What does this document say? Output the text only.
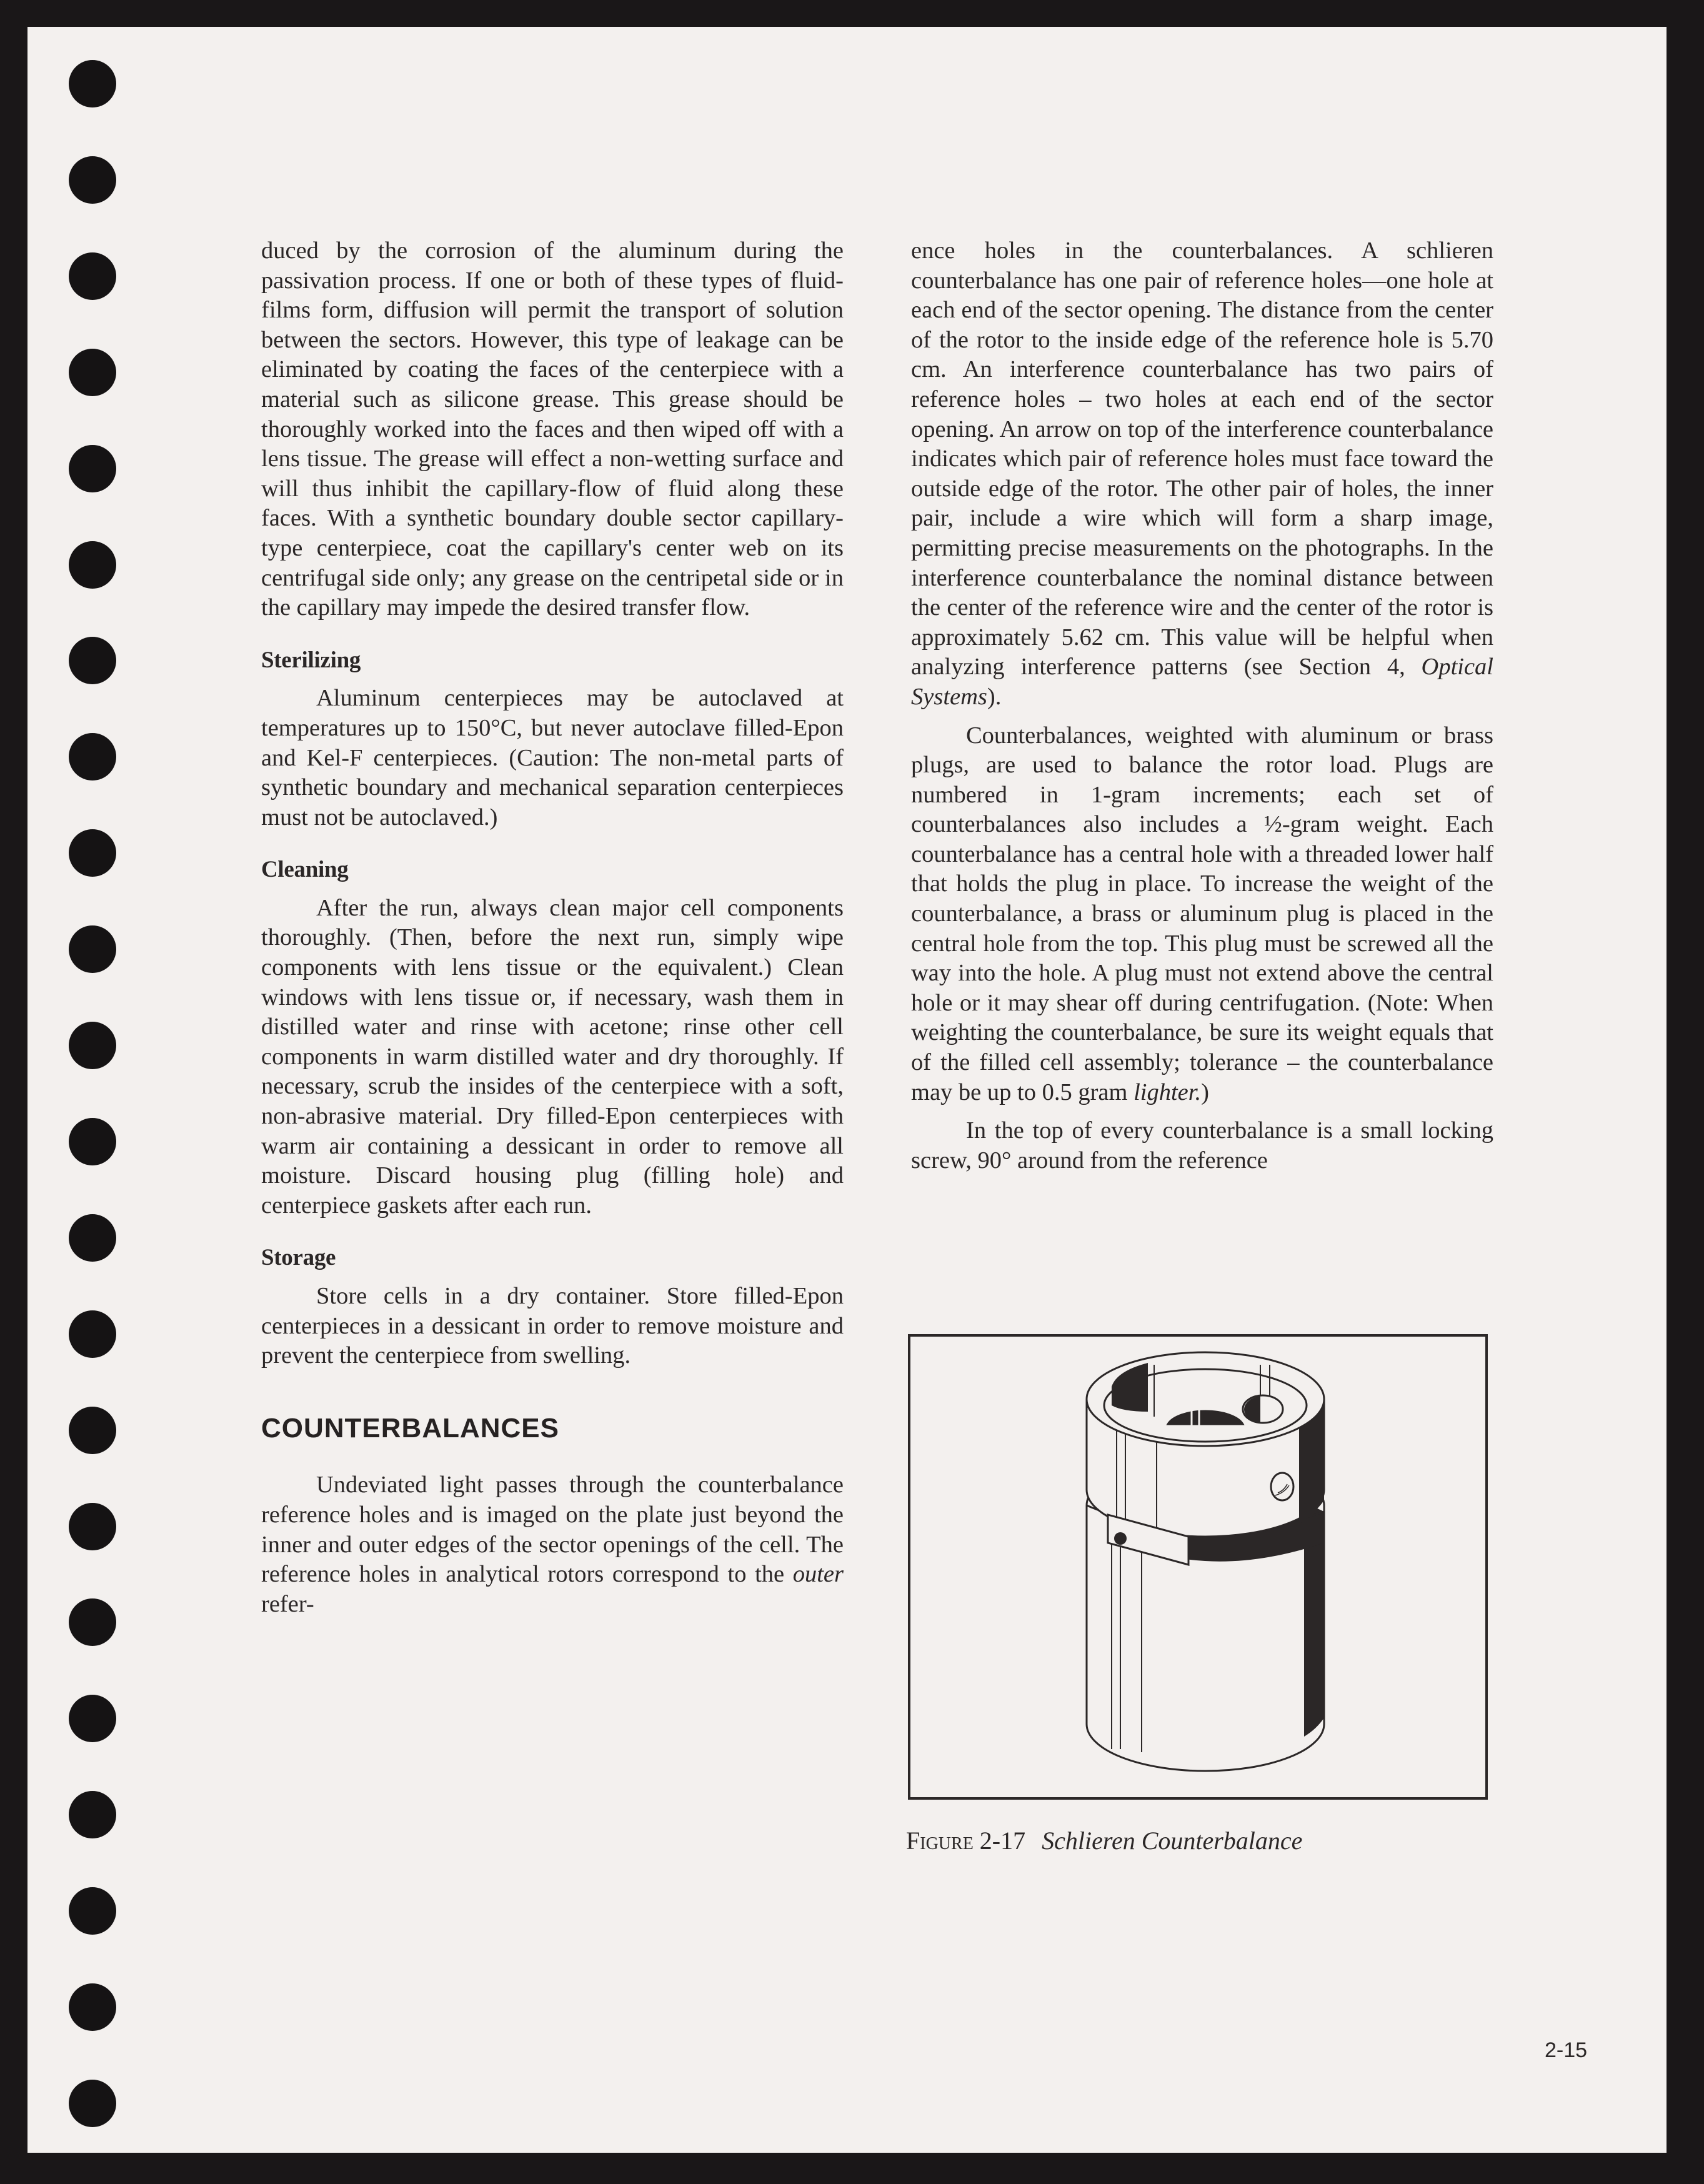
duced by the corrosion of the aluminum during the passivation process. If one or both of these types of fluid-films form, diffusion will permit the transport of solution between the sectors. However, this type of leakage can be eliminated by coating the faces of the centerpiece with a material such as silicone grease. This grease should be thoroughly worked into the faces and then wiped off with a lens tissue. The grease will effect a non-wetting surface and will thus inhibit the capillary-flow of fluid along these faces. With a synthetic boundary double sector capillary-type centerpiece, coat the capillary's center web on its centrifugal side only; any grease on the centripetal side or in the capillary may impede the desired transfer flow.

Sterilizing

Aluminum centerpieces may be autoclaved at temperatures up to 150°C, but never autoclave filled-Epon and Kel-F centerpieces. (Caution: The non-metal parts of synthetic boundary and mechanical separation centerpieces must not be autoclaved.)

Cleaning

After the run, always clean major cell components thoroughly. (Then, before the next run, simply wipe components with lens tissue or the equivalent.) Clean windows with lens tissue or, if necessary, wash them in distilled water and rinse with acetone; rinse other cell components in warm distilled water and dry thoroughly. If necessary, scrub the insides of the centerpiece with a soft, non-abrasive material. Dry filled-Epon centerpieces with warm air containing a dessicant in order to remove all moisture. Discard housing plug (filling hole) and centerpiece gaskets after each run.

Storage

Store cells in a dry container. Store filled-Epon centerpieces in a dessicant in order to remove moisture and prevent the centerpiece from swelling.

COUNTERBALANCES

Undeviated light passes through the counterbalance reference holes and is imaged on the plate just beyond the inner and outer edges of the sector openings of the cell. The reference holes in analytical rotors correspond to the outer refer-

ence holes in the counterbalances. A schlieren counterbalance has one pair of reference holes—one hole at each end of the sector opening. The distance from the center of the rotor to the inside edge of the reference hole is 5.70 cm. An interference counterbalance has two pairs of reference holes – two holes at each end of the sector opening. An arrow on top of the interference counterbalance indicates which pair of reference holes must face toward the outside edge of the rotor. The other pair of holes, the inner pair, include a wire which will form a sharp image, permitting precise measurements on the photographs. In the interference counterbalance the nominal distance between the center of the reference wire and the center of the rotor is approximately 5.62 cm. This value will be helpful when analyzing interference patterns (see Section 4, Optical Systems).

Counterbalances, weighted with aluminum or brass plugs, are used to balance the rotor load. Plugs are numbered in 1-gram increments; each set of counterbalances also includes a ½-gram weight. Each counterbalance has a central hole with a threaded lower half that holds the plug in place. To increase the weight of the counterbalance, a brass or aluminum plug is placed in the central hole from the top. This plug must be screwed all the way into the hole. A plug must not extend above the central hole or it may shear off during centrifugation. (Note: When weighting the counterbalance, be sure its weight equals that of the filled cell assembly; tolerance – the counterbalance may be up to 0.5 gram lighter.)

In the top of every counterbalance is a small locking screw, 90° around from the reference

Figure 2-17 Schlieren Counterbalance
2-15
